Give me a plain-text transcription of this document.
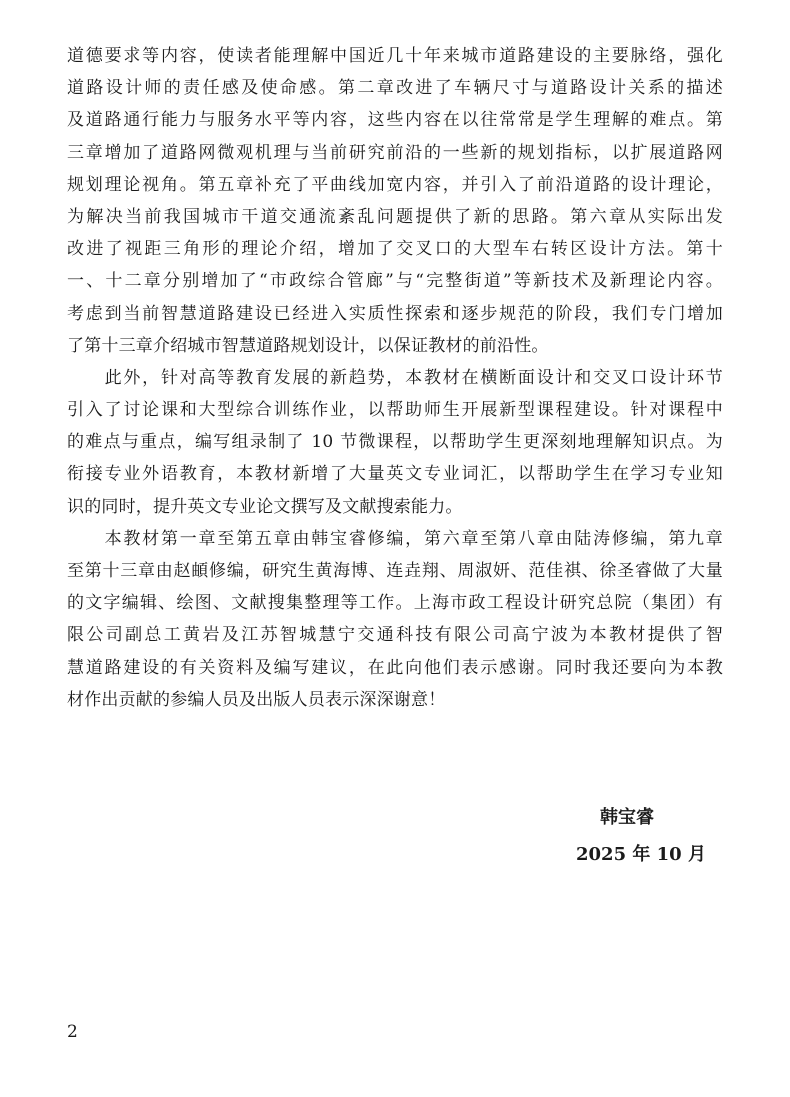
道德要求等内容，使读者能理解中国近几十年来城市道路建设的主要脉络，强化
道路设计师的责任感及使命感。第二章改进了车辆尺寸与道路设计关系的描述
及道路通行能力与服务水平等内容，这些内容在以往常常是学生理解的难点。第
三章增加了道路网微观机理与当前研究前沿的一些新的规划指标，以扩展道路网
规划理论视角。第五章补充了平曲线加宽内容，并引入了前沿道路的设计理论，
为解决当前我国城市干道交通流紊乱问题提供了新的思路。第六章从实际出发
改进了视距三角形的理论介绍，增加了交叉口的大型车右转区设计方法。第十
一、十二章分别增加了“市政综合管廊”与“完整街道”等新技术及新理论内容。
考虑到当前智慧道路建设已经进入实质性探索和逐步规范的阶段，我们专门增加
了第十三章介绍城市智慧道路规划设计，以保证教材的前沿性。
　　此外，针对高等教育发展的新趋势，本教材在横断面设计和交叉口设计环节
引入了讨论课和大型综合训练作业，以帮助师生开展新型课程建设。针对课程中
的难点与重点，编写组录制了 10 节微课程，以帮助学生更深刻地理解知识点。为
衔接专业外语教育，本教材新增了大量英文专业词汇，以帮助学生在学习专业知
识的同时，提升英文专业论文撰写及文献搜索能力。
　　本教材第一章至第五章由韩宝睿修编，第六章至第八章由陆涛修编，第九章
至第十三章由赵頔修编，研究生黄海博、连垚翔、周淑妍、范佳祺、徐圣睿做了大量
的文字编辑、绘图、文献搜集整理等工作。上海市政工程设计研究总院（集团）有
限公司副总工黄岩及江苏智城慧宁交通科技有限公司高宁波为本教材提供了智
慧道路建设的有关资料及编写建议，在此向他们表示感谢。同时我还要向为本教
材作出贡献的参编人员及出版人员表示深深谢意！
韩宝睿
2025 年 10 月
2
